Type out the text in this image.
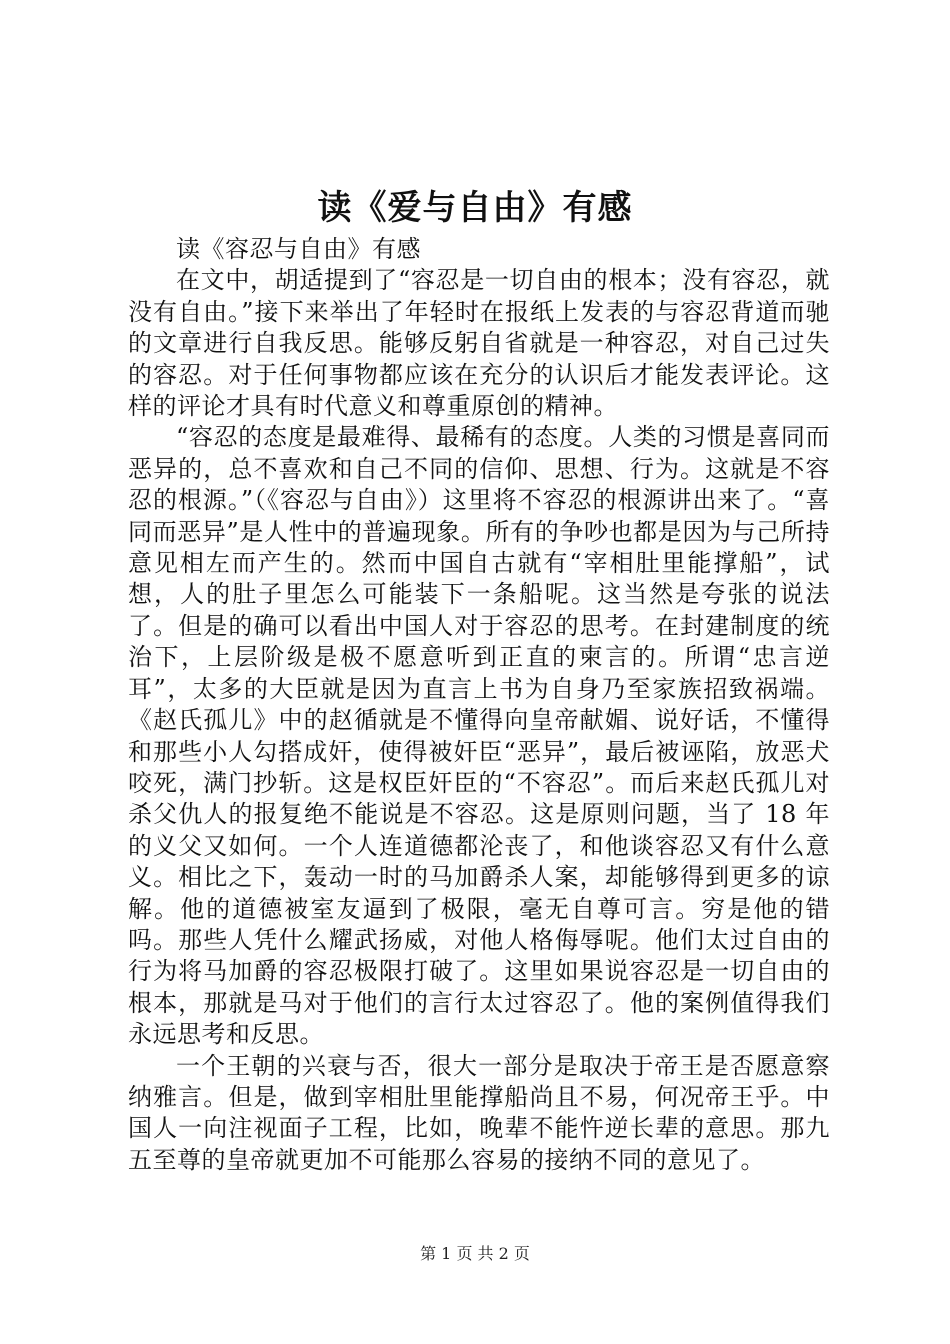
读《爱与自由》有感

读《容忍与自由》有感

在文中，胡适提到了“容忍是一切自由的根本；没有容忍，就没有自由。”接下来举出了年轻时在报纸上发表的与容忍背道而驰的文章进行自我反思。能够反躬自省就是一种容忍，对自己过失的容忍。对于任何事物都应该在充分的认识后才能发表评论。这样的评论才具有时代意义和尊重原创的精神。

“容忍的态度是最难得、最稀有的态度。人类的习惯是喜同而恶异的，总不喜欢和自己不同的信仰、思想、行为。这就是不容忍的根源。”（《容忍与自由》）这里将不容忍的根源讲出来了。“喜同而恶异”是人性中的普遍现象。所有的争吵也都是因为与己所持意见相左而产生的。然而中国自古就有“宰相肚里能撑船”，试想，人的肚子里怎么可能装下一条船呢。这当然是夸张的说法了。但是的确可以看出中国人对于容忍的思考。在封建制度的统治下，上层阶级是极不愿意听到正直的柬言的。所谓“忠言逆耳”，太多的大臣就是因为直言上书为自身乃至家族招致祸端。《赵氏孤儿》中的赵循就是不懂得向皇帝献媚、说好话，不懂得和那些小人勾搭成奸，使得被奸臣“恶异”，最后被诬陷，放恶犬咬死，满门抄斩。这是权臣奸臣的“不容忍”。而后来赵氏孤儿对杀父仇人的报复绝不能说是不容忍。这是原则问题，当了 18 年的义父又如何。一个人连道德都沦丧了，和他谈容忍又有什么意义。相比之下，轰动一时的马加爵杀人案，却能够得到更多的谅解。他的道德被室友逼到了极限，毫无自尊可言。穷是他的错吗。那些人凭什么耀武扬威，对他人格侮辱呢。他们太过自由的行为将马加爵的容忍极限打破了。这里如果说容忍是一切自由的根本，那就是马对于他们的言行太过容忍了。他的案例值得我们永远思考和反思。

一个王朝的兴衰与否，很大一部分是取决于帝王是否愿意察纳雅言。但是，做到宰相肚里能撑船尚且不易，何况帝王乎。中国人一向注视面子工程，比如，晚辈不能忤逆长辈的意思。那九五至尊的皇帝就更加不可能那么容易的接纳不同的意见了。

第 1 页 共 2 页
